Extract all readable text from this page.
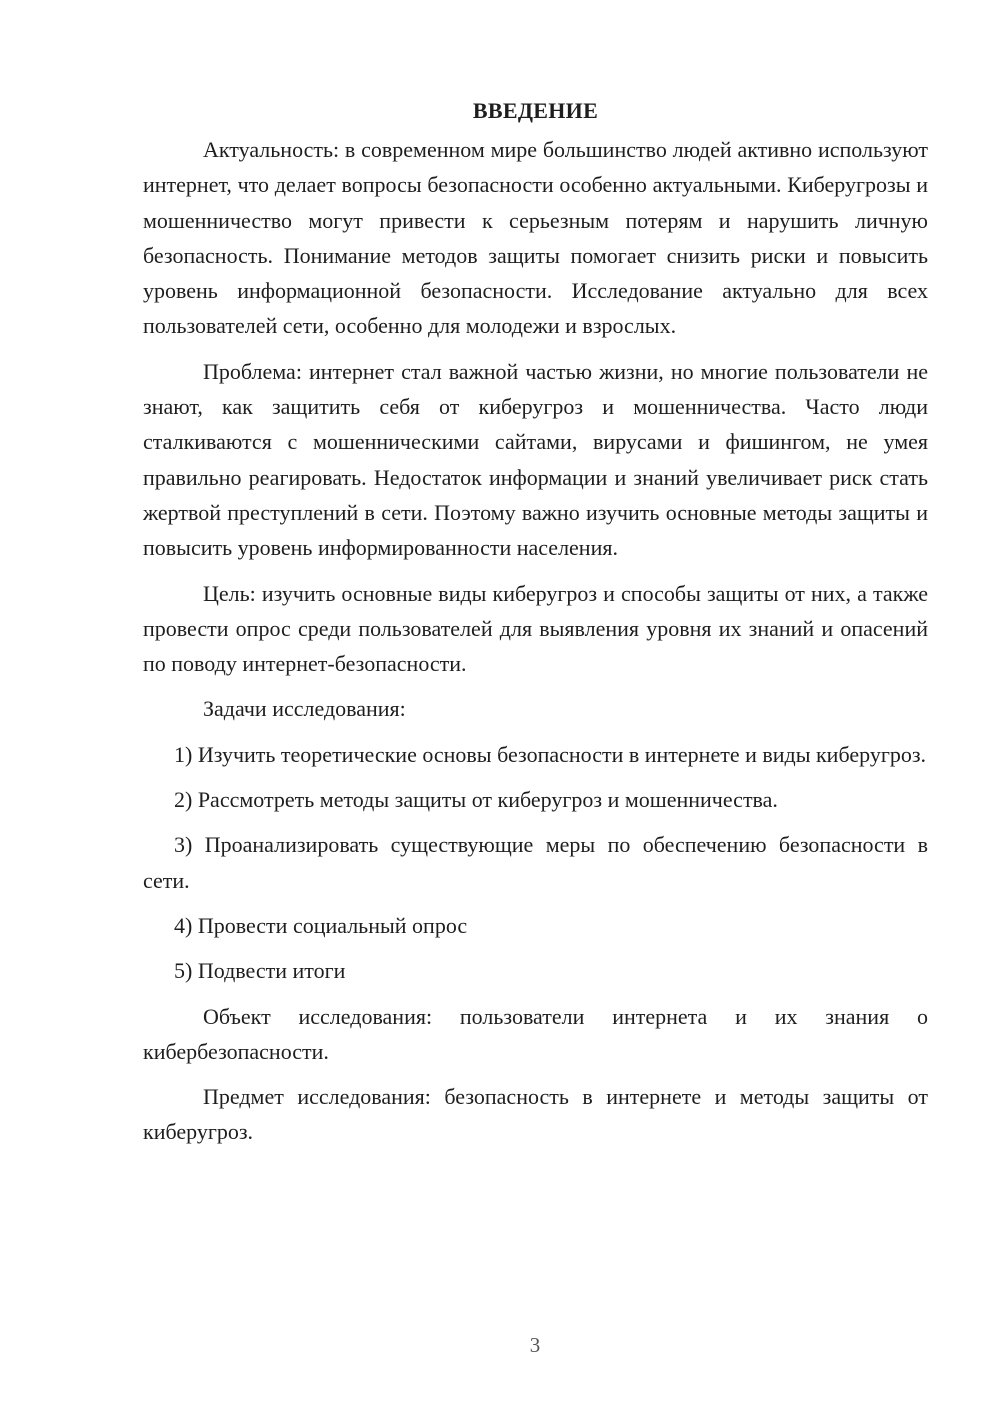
ВВЕДЕНИЕ

Актуальность: в современном мире большинство людей активно используют интернет, что делает вопросы безопасности особенно актуальными. Киберугрозы и мошенничество могут привести к серьезным потерям и нарушить личную безопасность. Понимание методов защиты помогает снизить риски и повысить уровень информационной безопасности. Исследование актуально для всех пользователей сети, особенно для молодежи и взрослых.

Проблема: интернет стал важной частью жизни, но многие пользователи не знают, как защитить себя от киберугроз и мошенничества. Часто люди сталкиваются с мошенническими сайтами, вирусами и фишингом, не умея правильно реагировать. Недостаток информации и знаний увеличивает риск стать жертвой преступлений в сети. Поэтому важно изучить основные методы защиты и повысить уровень информированности населения.

Цель: изучить основные виды киберугроз и способы защиты от них, а также провести опрос среди пользователей для выявления уровня их знаний и опасений по поводу интернет-безопасности.

Задачи исследования:

1) Изучить теоретические основы безопасности в интернете и виды киберугроз.

2) Рассмотреть методы защиты от киберугроз и мошенничества.

3) Проанализировать существующие меры по обеспечению безопасности в сети.

4) Провести социальный опрос

5) Подвести итоги

Объект исследования: пользователи интернета и их знания о кибербезопасности.

Предмет исследования: безопасность в интернете и методы защиты от киберугроз.

3
